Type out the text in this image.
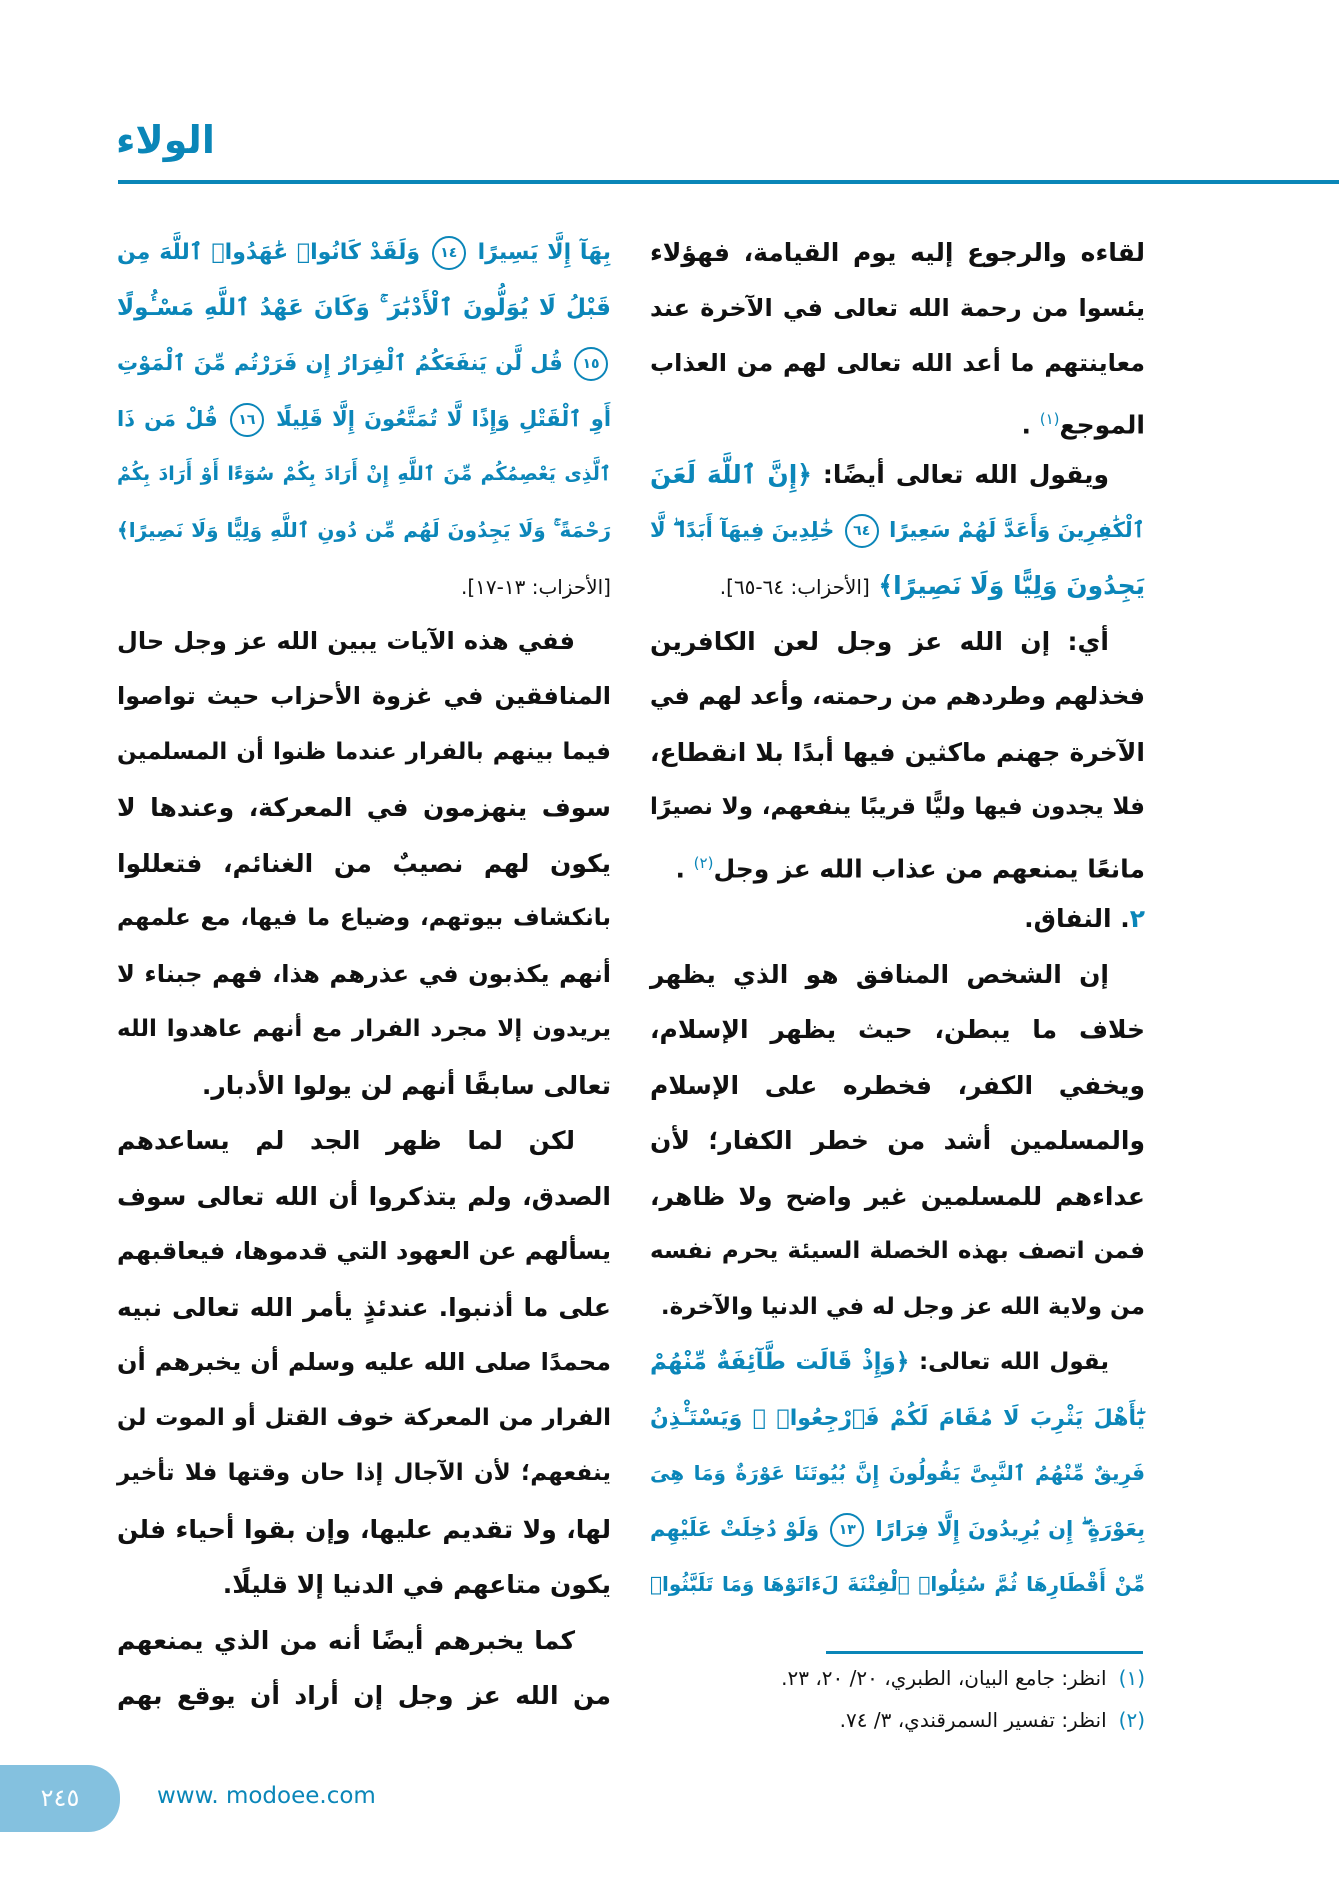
الولاء
لقاءه والرجوع إليه يوم القيامة، فهؤلاء
يئسوا من رحمة الله تعالى في الآخرة عند
معاينتهم ما أعد الله تعالى لهم من العذاب
الموجع$^{(١)}$ .
ويقول الله تعالى أيضًا: ﴿إِنَّ ٱللَّهَ لَعَنَ
ٱلْكَٰفِرِينَ وَأَعَدَّ لَهُمْ سَعِيرًا ٦٤ خَٰلِدِينَ فِيهَآ أَبَدًا ۖ لَّا
يَجِدُونَ وَلِيًّا وَلَا نَصِيرًا﴾ [الأحزاب: ٦٤-٦٥].
أي: إن الله عز وجل لعن الكافرين
فخذلهم وطردهم من رحمته، وأعد لهم في
الآخرة جهنم ماكثين فيها أبدًا بلا انقطاع،
فلا يجدون فيها وليًّا قريبًا ينفعهم، ولا نصيرًا
مانعًا يمنعهم من عذاب الله عز وجل$^{(٢)}$ .
٢. النفاق.
إن الشخص المنافق هو الذي يظهر
خلاف ما يبطن، حيث يظهر الإسلام،
ويخفي الكفر، فخطره على الإسلام
والمسلمين أشد من خطر الكفار؛ لأن
عداءهم للمسلمين غير واضح ولا ظاهر،
فمن اتصف بهذه الخصلة السيئة يحرم نفسه
من ولاية الله عز وجل له في الدنيا والآخرة.
يقول الله تعالى: ﴿وَإِذْ قَالَت طَّآئِفَةٌ مِّنْهُمْ
يَٰٓأَهْلَ يَثْرِبَ لَا مُقَامَ لَكُمْ فَٱرْجِعُوا۟ ۚ وَيَسْتَـْٔذِنُ
فَرِيقٌ مِّنْهُمُ ٱلنَّبِىَّ يَقُولُونَ إِنَّ بُيُوتَنَا عَوْرَةٌ وَمَا هِىَ
بِعَوْرَةٍ ۖ إِن يُرِيدُونَ إِلَّا فِرَارًا ١٣ وَلَوْ دُخِلَتْ عَلَيْهِم
مِّنْ أَقْطَارِهَا ثُمَّ سُئِلُوا۟ ٱلْفِتْنَةَ لَءَاتَوْهَا وَمَا تَلَبَّثُوا۟
بِهَآ إِلَّا يَسِيرًا ١٤ وَلَقَدْ كَانُوا۟ عَٰهَدُوا۟ ٱللَّهَ مِن
قَبْلُ لَا يُوَلُّونَ ٱلْأَدْبَٰرَ ۚ وَكَانَ عَهْدُ ٱللَّهِ مَسْـُٔولًا
١٥ قُل لَّن يَنفَعَكُمُ ٱلْفِرَارُ إِن فَرَرْتُم مِّنَ ٱلْمَوْتِ
أَوِ ٱلْقَتْلِ وَإِذًا لَّا تُمَتَّعُونَ إِلَّا قَلِيلًا ١٦ قُلْ مَن ذَا
ٱلَّذِى يَعْصِمُكُم مِّنَ ٱللَّهِ إِنْ أَرَادَ بِكُمْ سُوٓءًا أَوْ أَرَادَ بِكُمْ
رَحْمَةً ۚ وَلَا يَجِدُونَ لَهُم مِّن دُونِ ٱللَّهِ وَلِيًّا وَلَا نَصِيرًا﴾
[الأحزاب: ١٣-١٧].
ففي هذه الآيات يبين الله عز وجل حال
المنافقين في غزوة الأحزاب حيث تواصوا
فيما بينهم بالفرار عندما ظنوا أن المسلمين
سوف ينهزمون في المعركة، وعندها لا
يكون لهم نصيبٌ من الغنائم، فتعللوا
بانكشاف بيوتهم، وضياع ما فيها، مع علمهم
أنهم يكذبون في عذرهم هذا، فهم جبناء لا
يريدون إلا مجرد الفرار مع أنهم عاهدوا الله
تعالى سابقًا أنهم لن يولوا الأدبار.
لكن لما ظهر الجد لم يساعدهم
الصدق، ولم يتذكروا أن الله تعالى سوف
يسألهم عن العهود التي قدموها، فيعاقبهم
على ما أذنبوا. عندئذٍ يأمر الله تعالى نبيه
محمدًا صلى الله عليه وسلم أن يخبرهم أن
الفرار من المعركة خوف القتل أو الموت لن
ينفعهم؛ لأن الآجال إذا حان وقتها فلا تأخير
لها، ولا تقديم عليها، وإن بقوا أحياء فلن
يكون متاعهم في الدنيا إلا قليلًا.
كما يخبرهم أيضًا أنه من الذي يمنعهم
من الله عز وجل إن أراد أن يوقع بهم
(١)انظر: جامع البيان، الطبري، ٢٠/ ٢٠، ٢٣.
(٢)انظر: تفسير السمرقندي، ٣/ ٧٤.
٢٤٥	www. modoee.com
